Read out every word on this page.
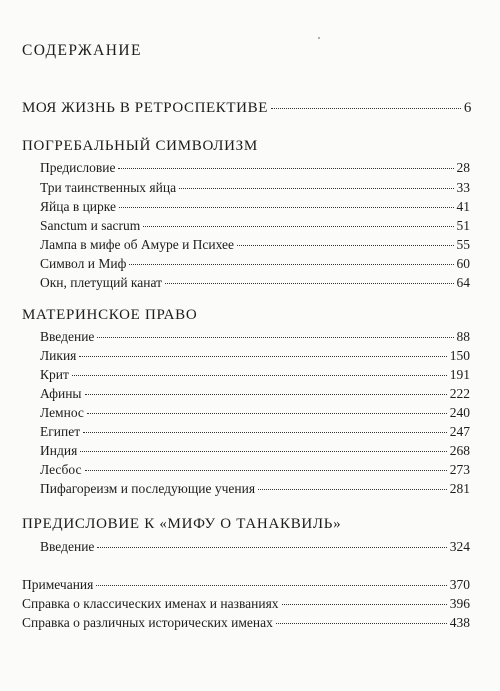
СОДЕРЖАНИЕ
МОЯ ЖИЗНЬ В РЕТРОСПЕКТИВЕ	6
ПОГРЕБАЛЬНЫЙ СИМВОЛИЗМ
Предисловие	28
Три таинственных яйца	33
Яйца в цирке	41
Sanctum и sacrum	51
Лампа в мифе об Амуре и Психее	55
Символ и Миф	60
Окн, плетущий канат	64
МАТЕРИНСКОЕ ПРАВО
Введение	88
Ликия	150
Крит	191
Афины	222
Лемнос	240
Египет	247
Индия	268
Лесбос	273
Пифагореизм и последующие учения	281
ПРЕДИСЛОВИЕ К «МИФУ О ТАНАКВИЛЬ»
Введение	324
Примечания	370
Справка о классических именах и названиях	396
Справка о различных исторических именах	438
